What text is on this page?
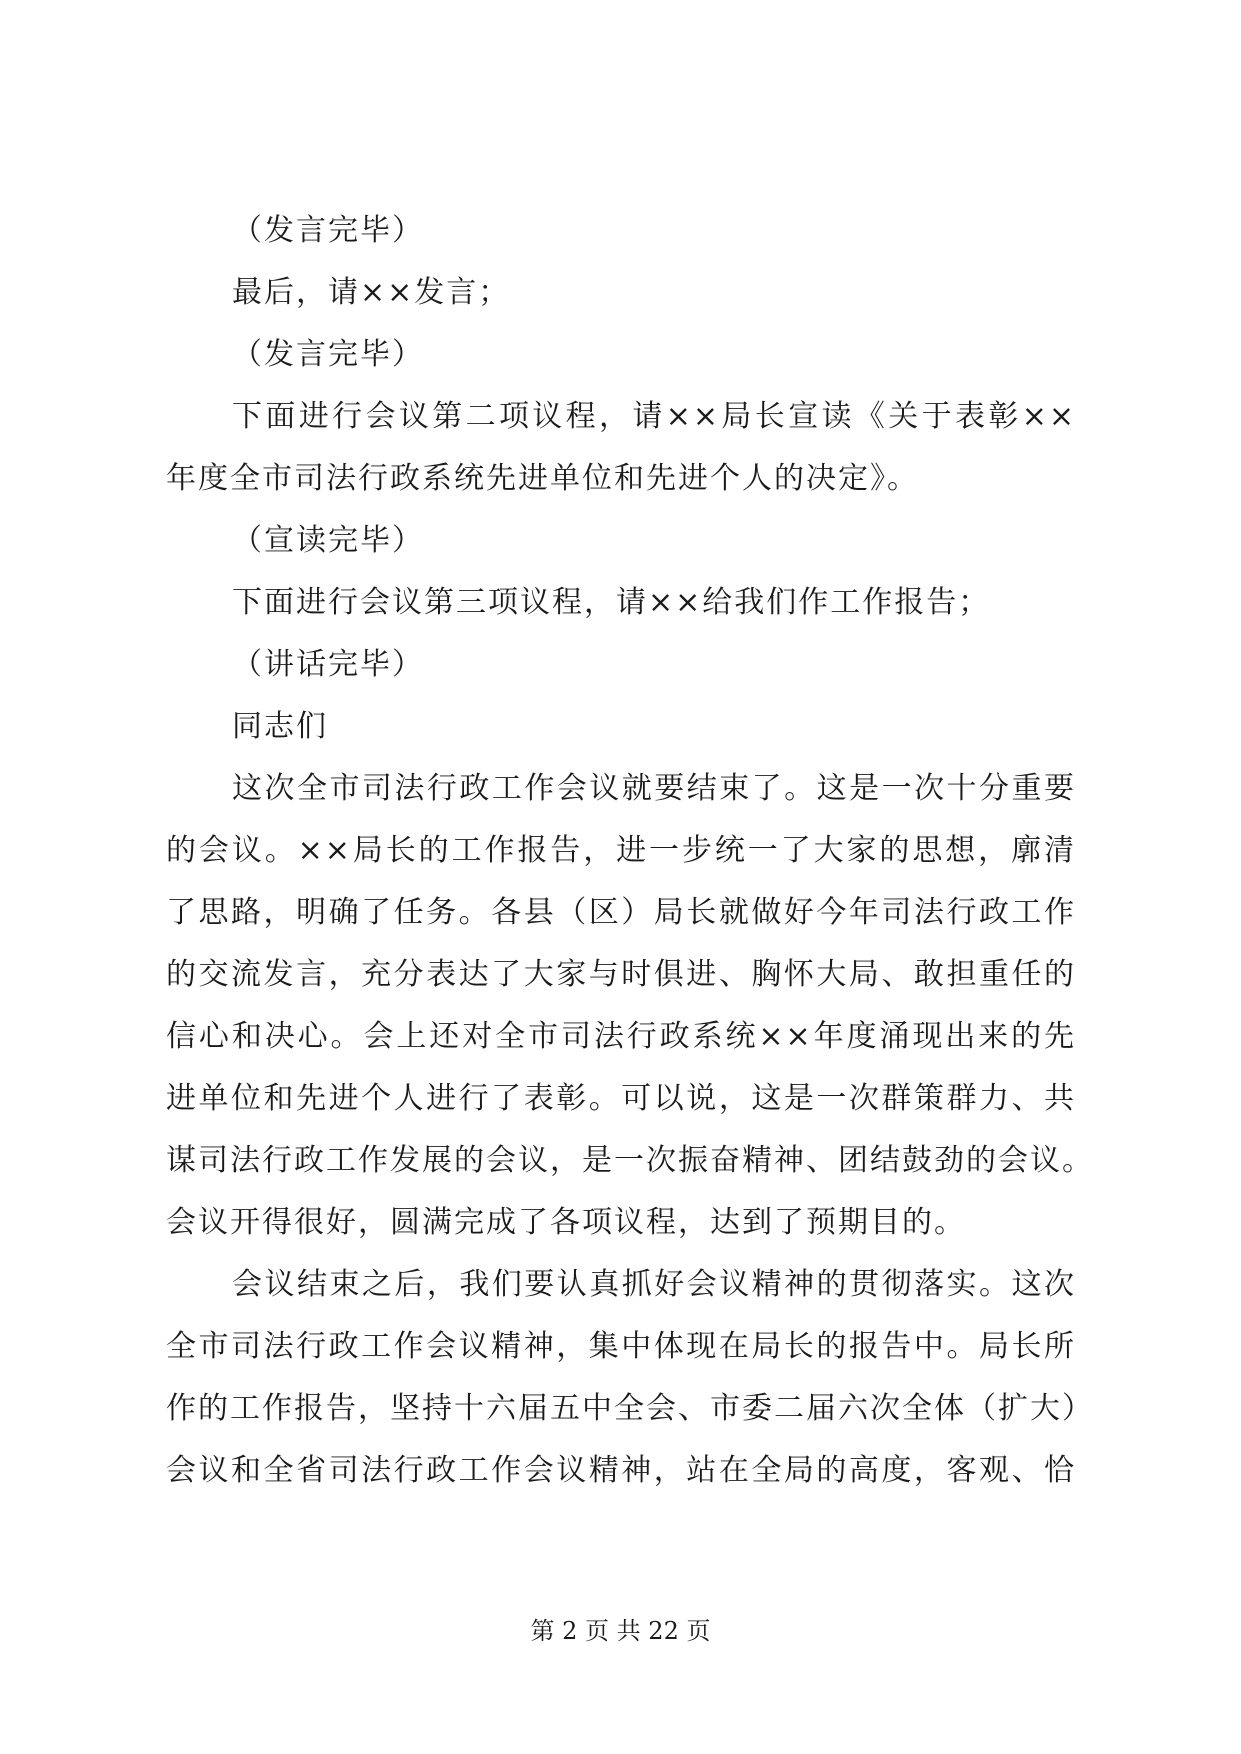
（发言完毕）
最后，请××发言；
（发言完毕）
下面进行会议第二项议程，请××局长宣读《关于表彰××
年度全市司法行政系统先进单位和先进个人的决定》。
（宣读完毕）
下面进行会议第三项议程，请××给我们作工作报告；
（讲话完毕）
同志们
这次全市司法行政工作会议就要结束了。这是一次十分重要
的会议。××局长的工作报告，进一步统一了大家的思想，廓清
了思路，明确了任务。各县（区）局长就做好今年司法行政工作
的交流发言，充分表达了大家与时俱进、胸怀大局、敢担重任的
信心和决心。会上还对全市司法行政系统××年度涌现出来的先
进单位和先进个人进行了表彰。可以说，这是一次群策群力、共
谋司法行政工作发展的会议，是一次振奋精神、团结鼓劲的会议。
会议开得很好，圆满完成了各项议程，达到了预期目的。
会议结束之后，我们要认真抓好会议精神的贯彻落实。这次
全市司法行政工作会议精神，集中体现在局长的报告中。局长所
作的工作报告，坚持十六届五中全会、市委二届六次全体（扩大）
会议和全省司法行政工作会议精神，站在全局的高度，客观、恰
第 2 页 共 22 页
